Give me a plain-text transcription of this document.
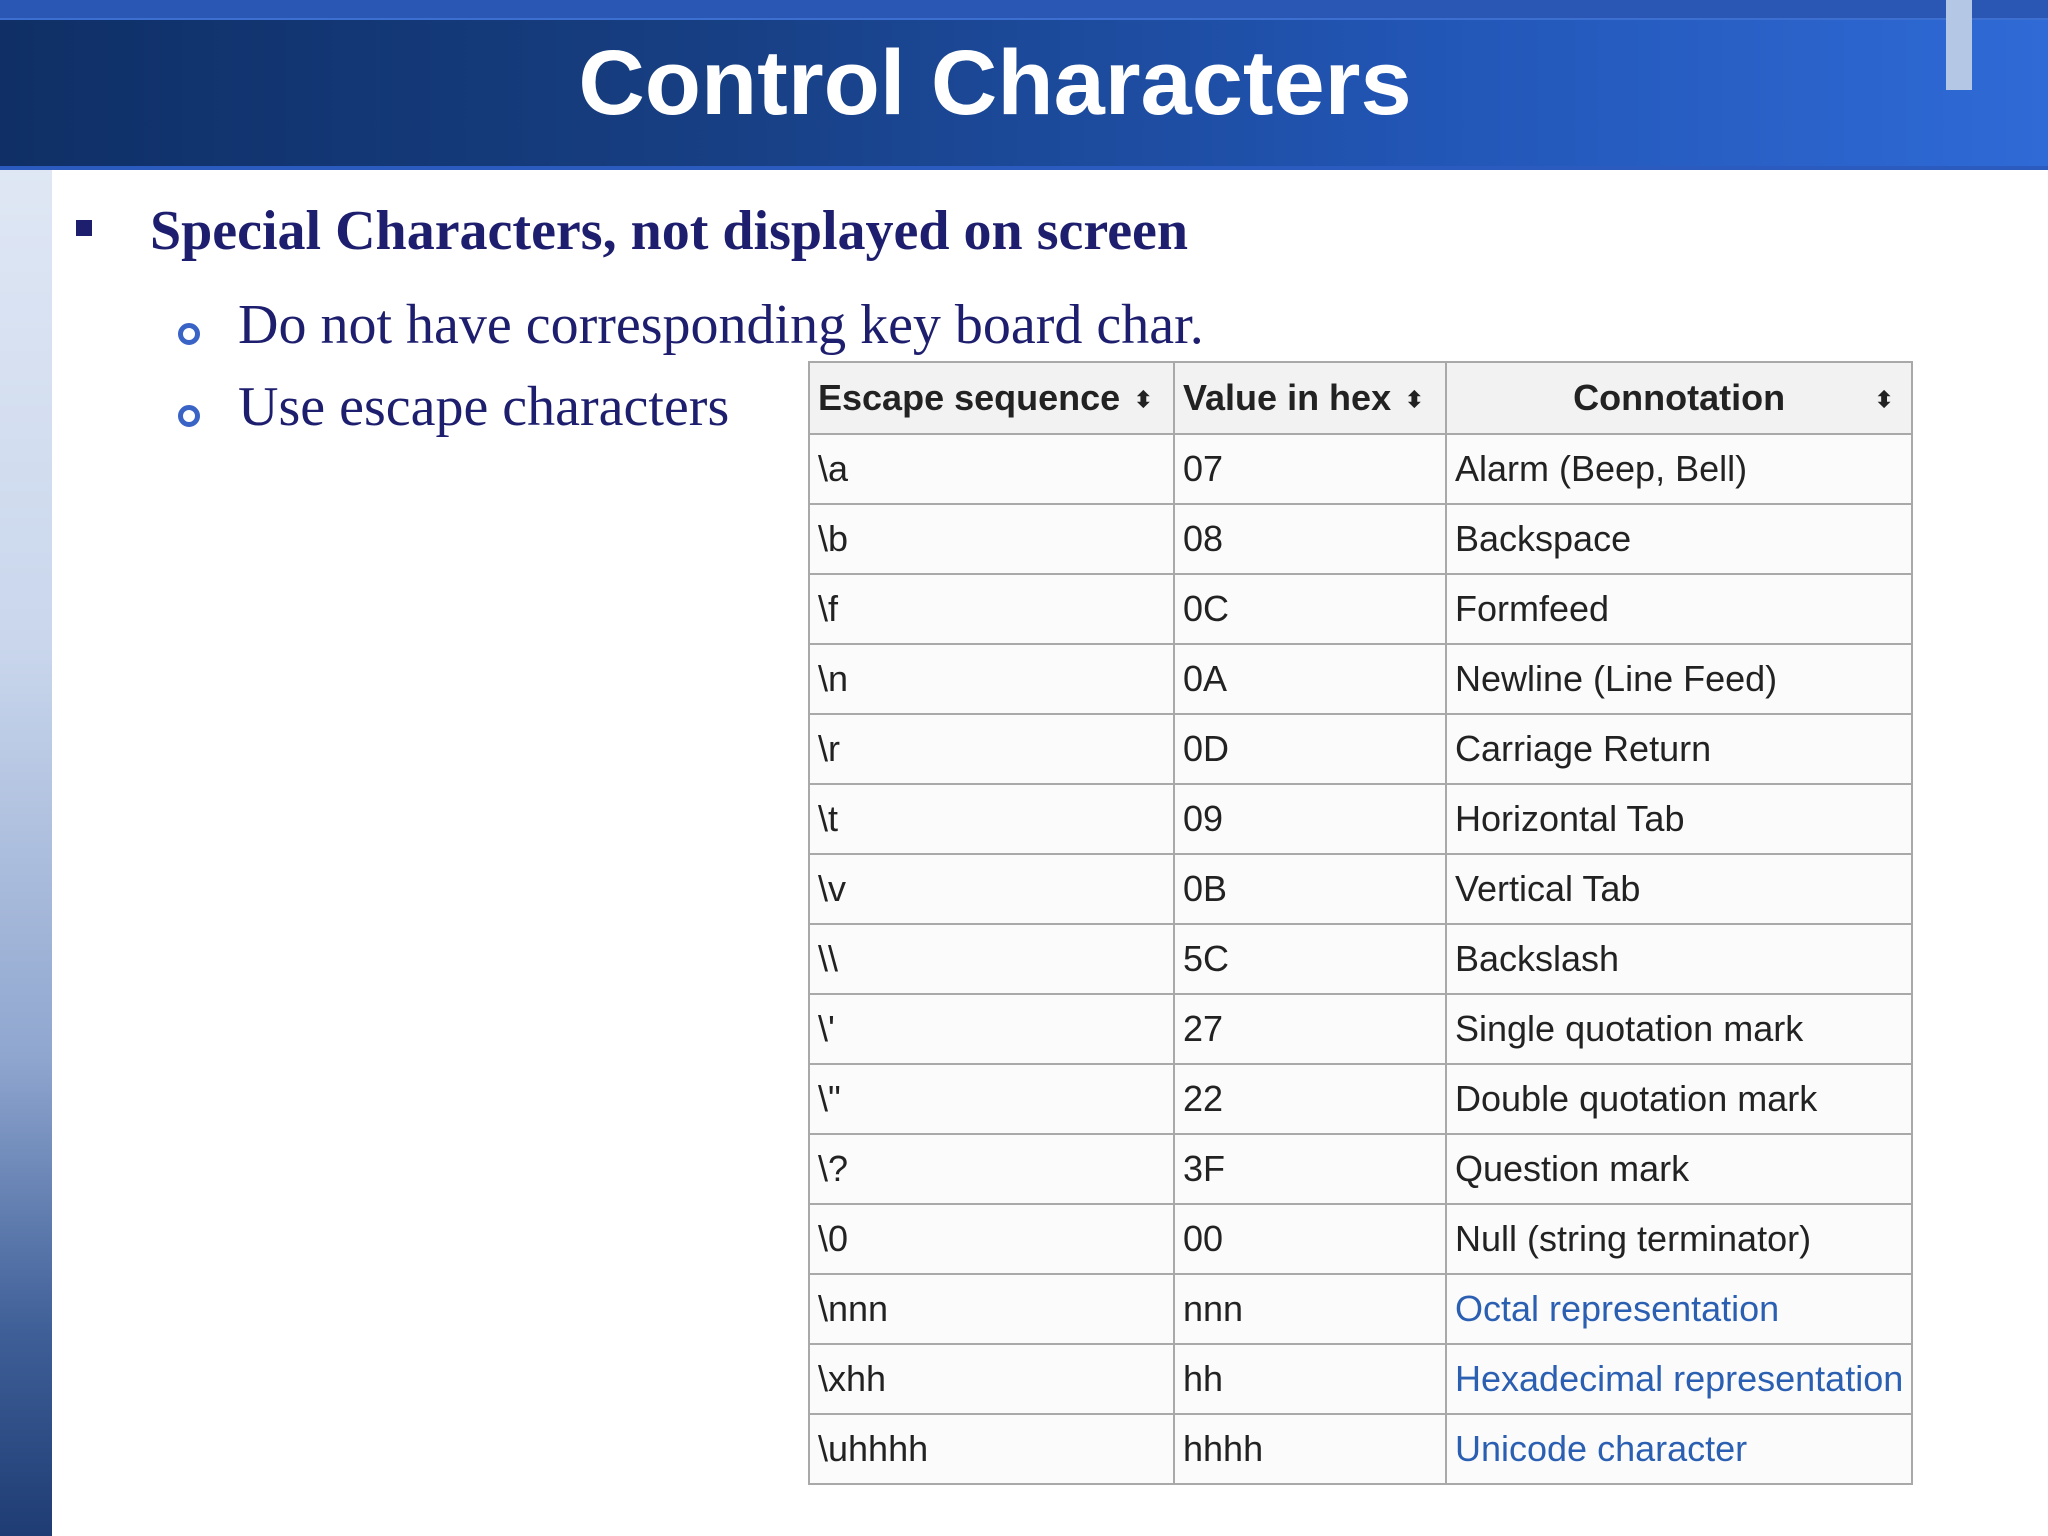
Control Characters
Special Characters, not displayed on screen
Do not have corresponding key board char.
Use escape characters Escape sequence ⬍	Value in hex ⬍	Connotation ⬍

\a	07	Alarm (Beep, Bell)
\b	08	Backspace
\f	0C	Formfeed
\n	0A	Newline (Line Feed)
\r	0D	Carriage Return
\t	09	Horizontal Tab
\v	0B	Vertical Tab
\\	5C	Backslash
\'	27	Single quotation mark
\"	22	Double quotation mark
\?	3F	Question mark
\0	00	Null (string terminator)
\nnn	nnn	Octal representation
\xhh	hh	Hexadecimal representation
\uhhhh	hhhh	Unicode character
